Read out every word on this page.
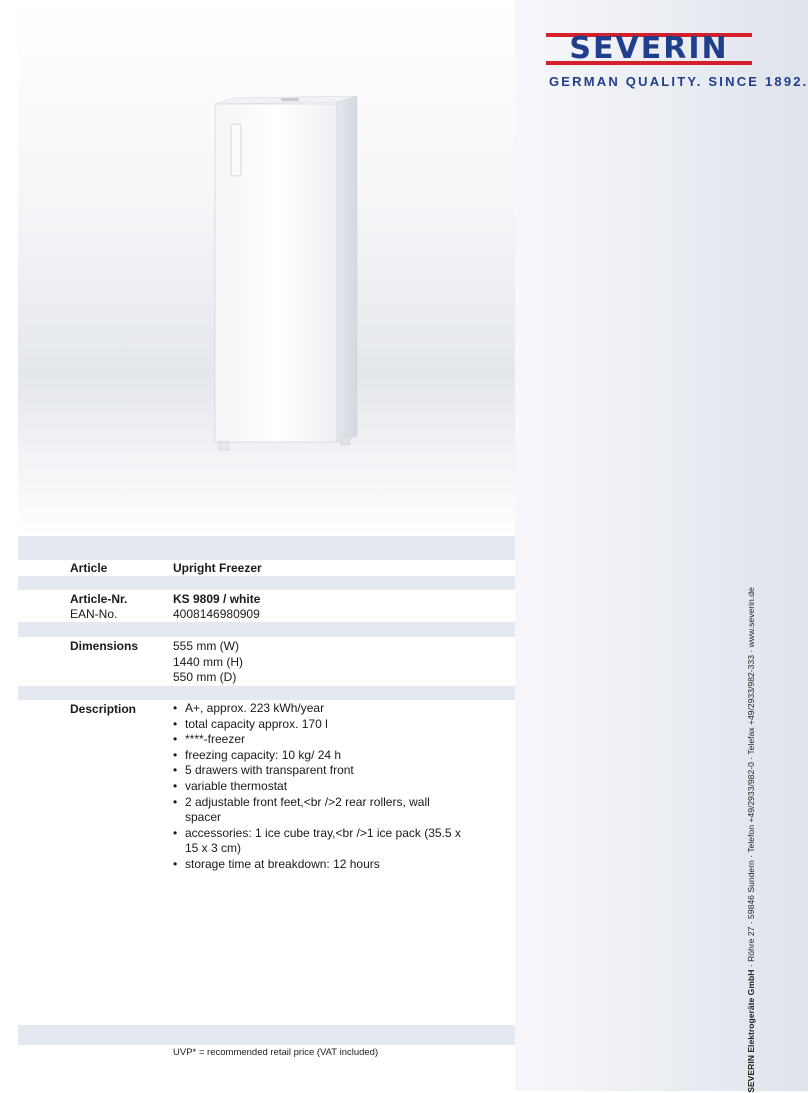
SEVERIN
GERMAN QUALITY. SINCE 1892.
Article	Upright Freezer
Article-Nr.	KS 9809 / white
EAN-No.	4008146980909
Dimensions	555 mm (W)
1440 mm (H)
550 mm (D)
Description
•	A+, approx. 223 kWh/year
• total capacity approx. 170 l
• ****-freezer
• freezing capacity: 10 kg/ 24 h
• 5 drawers with transparent front
• variable thermostat
• 2 adjustable front feet,<br />2 rear rollers, wall spacer
• accessories: 1 ice cube tray,<br />1 ice pack (35.5 x 15 x 3 cm)
• storage time at breakdown: 12 hours
UVP* = recommended retail price (VAT included)	SEVERIN Elektrogeräte GmbH · Röhre 27 · 59846 Sundern · Telefon +49/2933/982-0 · Telefax +49/2933/982-333 · www.severin.de
